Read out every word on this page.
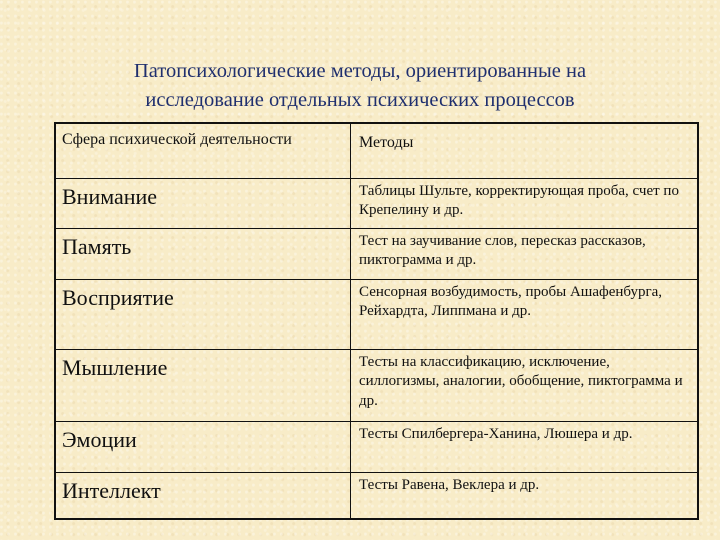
Патопсихологические методы, ориентированные на
исследование отдельных психических процессов
Сфера психической деятельности	Методы
Внимание	Таблицы Шульте, корректирующая проба, счет по Крепелину и др.
Память	Тест на заучивание слов, пересказ рассказов, пиктограмма и др.
Восприятие	Сенсорная возбудимость, пробы Ашафенбурга, Рейхардта, Липпмана и др.
Мышление	Тесты на классификацию, исключение, силлогизмы, аналогии, обобщение, пиктограмма и др.
Эмоции	Тесты Спилбергера-Ханина, Люшера и др.
Интеллект	Тесты Равена, Веклера и др.
